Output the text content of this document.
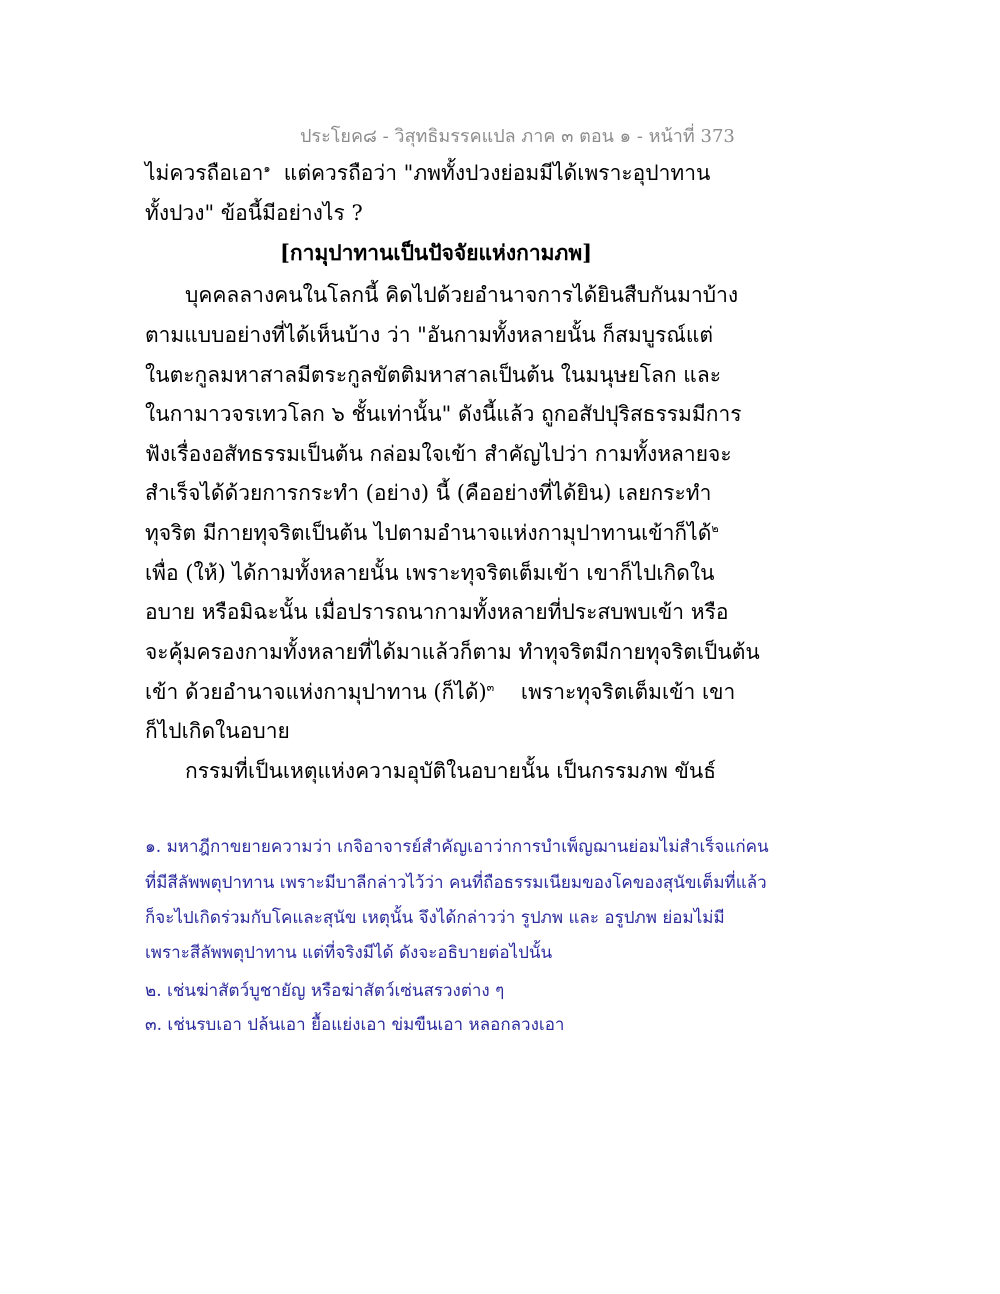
ประโยค๘ - วิสุทธิมรรคแปล ภาค ๓ ตอน ๑ - หน้าที่ 373
ไม่ควรถือเอา$^๑$ แต่ควรถือว่า "ภพทั้งปวงย่อมมีได้เพราะอุปาทาน
ทั้งปวง" ข้อนี้มีอย่างไร ?
[กามุปาทานเป็นปัจจัยแห่งกามภพ]
บุคคลลางคนในโลกนี้ คิดไปด้วยอำนาจการได้ยินสืบกันมาบ้าง
ตามแบบอย่างที่ได้เห็นบ้าง ว่า "อันกามทั้งหลายนั้น ก็สมบูรณ์แต่
ในตะกูลมหาสาลมีตระกูลขัตติมหาสาลเป็นต้น ในมนุษยโลก และ
ในกามาวจรเทวโลก ๖ ชั้นเท่านั้น" ดังนี้แล้ว ถูกอสัปปุริสธรรมมีการ
ฟังเรื่องอสัทธรรมเป็นต้น กล่อมใจเข้า สำคัญไปว่า กามทั้งหลายจะ
สำเร็จได้ด้วยการกระทำ (อย่าง) นี้ (คืออย่างที่ได้ยิน) เลยกระทำ
ทุจริต มีกายทุจริตเป็นต้น ไปตามอำนาจแห่งกามุปาทานเข้าก็ได้$^๒$
เพื่อ (ให้) ได้กามทั้งหลายนั้น เพราะทุจริตเต็มเข้า เขาก็ไปเกิดใน
อบาย หรือมิฉะนั้น เมื่อปรารถนากามทั้งหลายที่ประสบพบเข้า หรือ
จะคุ้มครองกามทั้งหลายที่ได้มาแล้วก็ตาม ทำทุจริตมีกายทุจริตเป็นต้น
เข้า ด้วยอำนาจแห่งกามุปาทาน (ก็ได้)$^๓$ เพราะทุจริตเต็มเข้า เขา
ก็ไปเกิดในอบาย
กรรมที่เป็นเหตุแห่งความอุบัติในอบายนั้น เป็นกรรมภพ ขันธ์
๑. มหาฎีกาขยายความว่า เกจิอาจารย์สำคัญเอาว่าการบำเพ็ญฌานย่อมไม่สำเร็จแก่คน
ที่มีสีลัพพตุปาทาน เพราะมีบาลีกล่าวไว้ว่า คนที่ถือธรรมเนียมของโคของสุนัขเต็มที่แล้ว
ก็จะไปเกิดร่วมกับโคและสุนัข เหตุนั้น จึงได้กล่าวว่า รูปภพ และ อรูปภพ ย่อมไม่มี
เพราะสีลัพพตุปาทาน แต่ที่จริงมีได้ ดังจะอธิบายต่อไปนั้น
๒. เช่นฆ่าสัตว์บูชายัญ หรือฆ่าสัตว์เซ่นสรวงต่าง ๆ
๓. เช่นรบเอา ปล้นเอา ยื้อแย่งเอา ข่มขืนเอา หลอกลวงเอา
